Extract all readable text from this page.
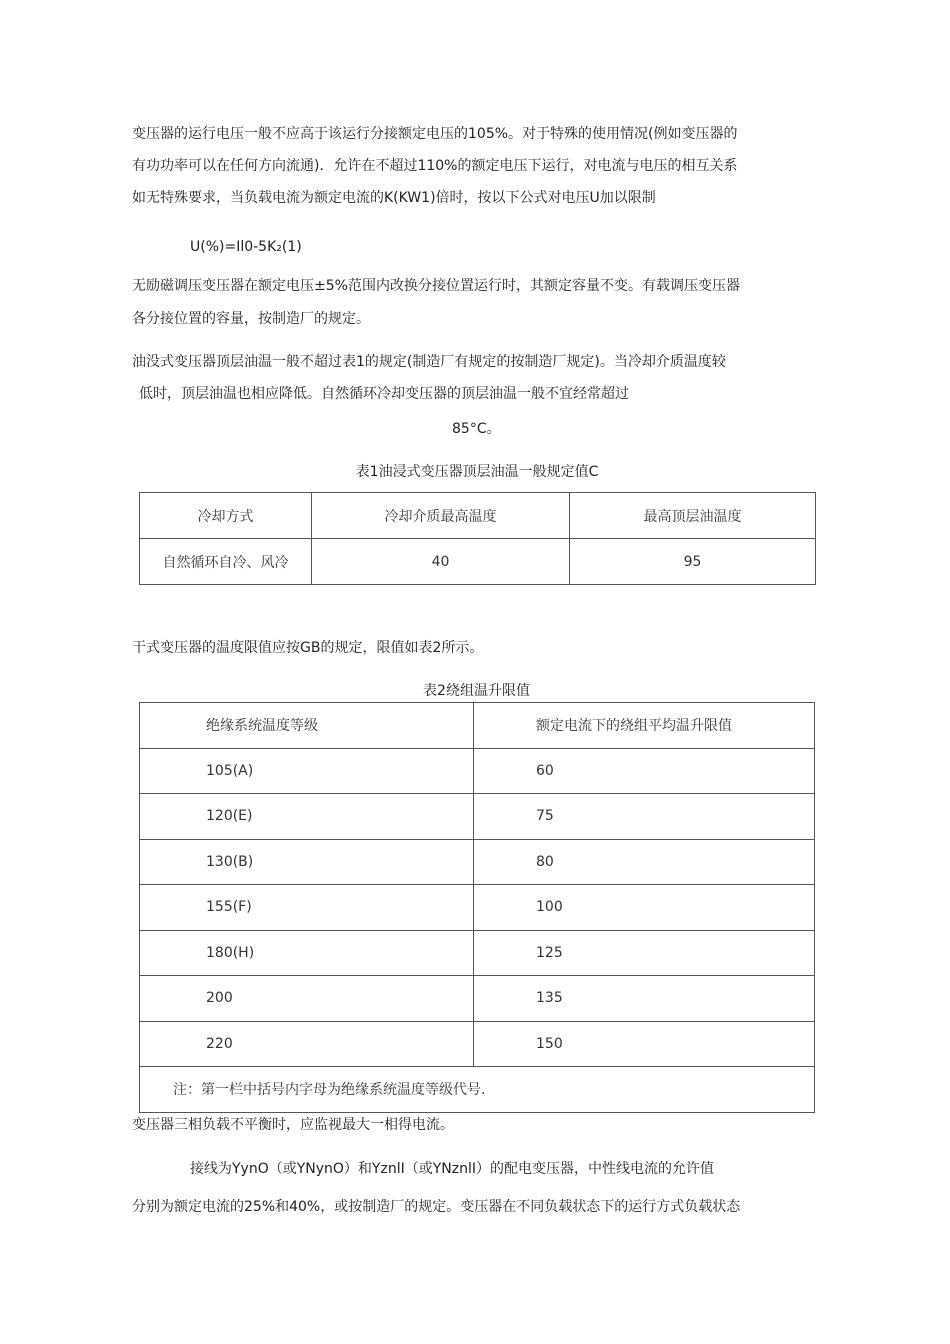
变压器的运行电压一般不应高于该运行分接额定电压的105%。对于特殊的使用情况(例如变压器的
有功功率可以在任何方向流通)．允许在不超过110%的额定电压下运行，对电流与电压的相互关系
如无特殊要求，当负载电流为额定电流的K(KW1)倍时，按以下公式对电压U加以限制
U(%)=Il0-5K₂(1)
无励磁调压变压器在额定电压±5%范围内改换分接位置运行时，其额定容量不变。有载调压变压器
各分接位置的容量，按制造厂的规定。
油没式变压器顶层油温一般不超过表1的规定(制造厂有规定的按制造厂规定)。当冷却介质温度较
低时，顶层油温也相应降低。自然循环冷却变压器的顶层油温一般不宜经常超过
85°C。
表1油浸式变压器顶层油温一般规定值C
冷却方式	冷却介质最高温度	最高顶层油温度
自然循环自冷、风冷	40	95
干式变压器的温度限值应按GB的规定，限值如表2所示。
表2绕组温升限值
绝缘系统温度等级	额定电流下的绕组平均温升限值
105(A)	60
120(E)	75
130(B)	80
155(F)	100
180(H)	125
200	135
220	150
注：第一栏中括号内字母为绝缘系统温度等级代号.	
变压器三相负载不平衡时，应监视最大一相得电流。
接线为YynO（或YNynO）和YznlI（或YNznlI）的配电变压器，中性线电流的允许值
分别为额定电流的25%和40%，或按制造厂的规定。变压器在不同负载状态下的运行方式负载状态
